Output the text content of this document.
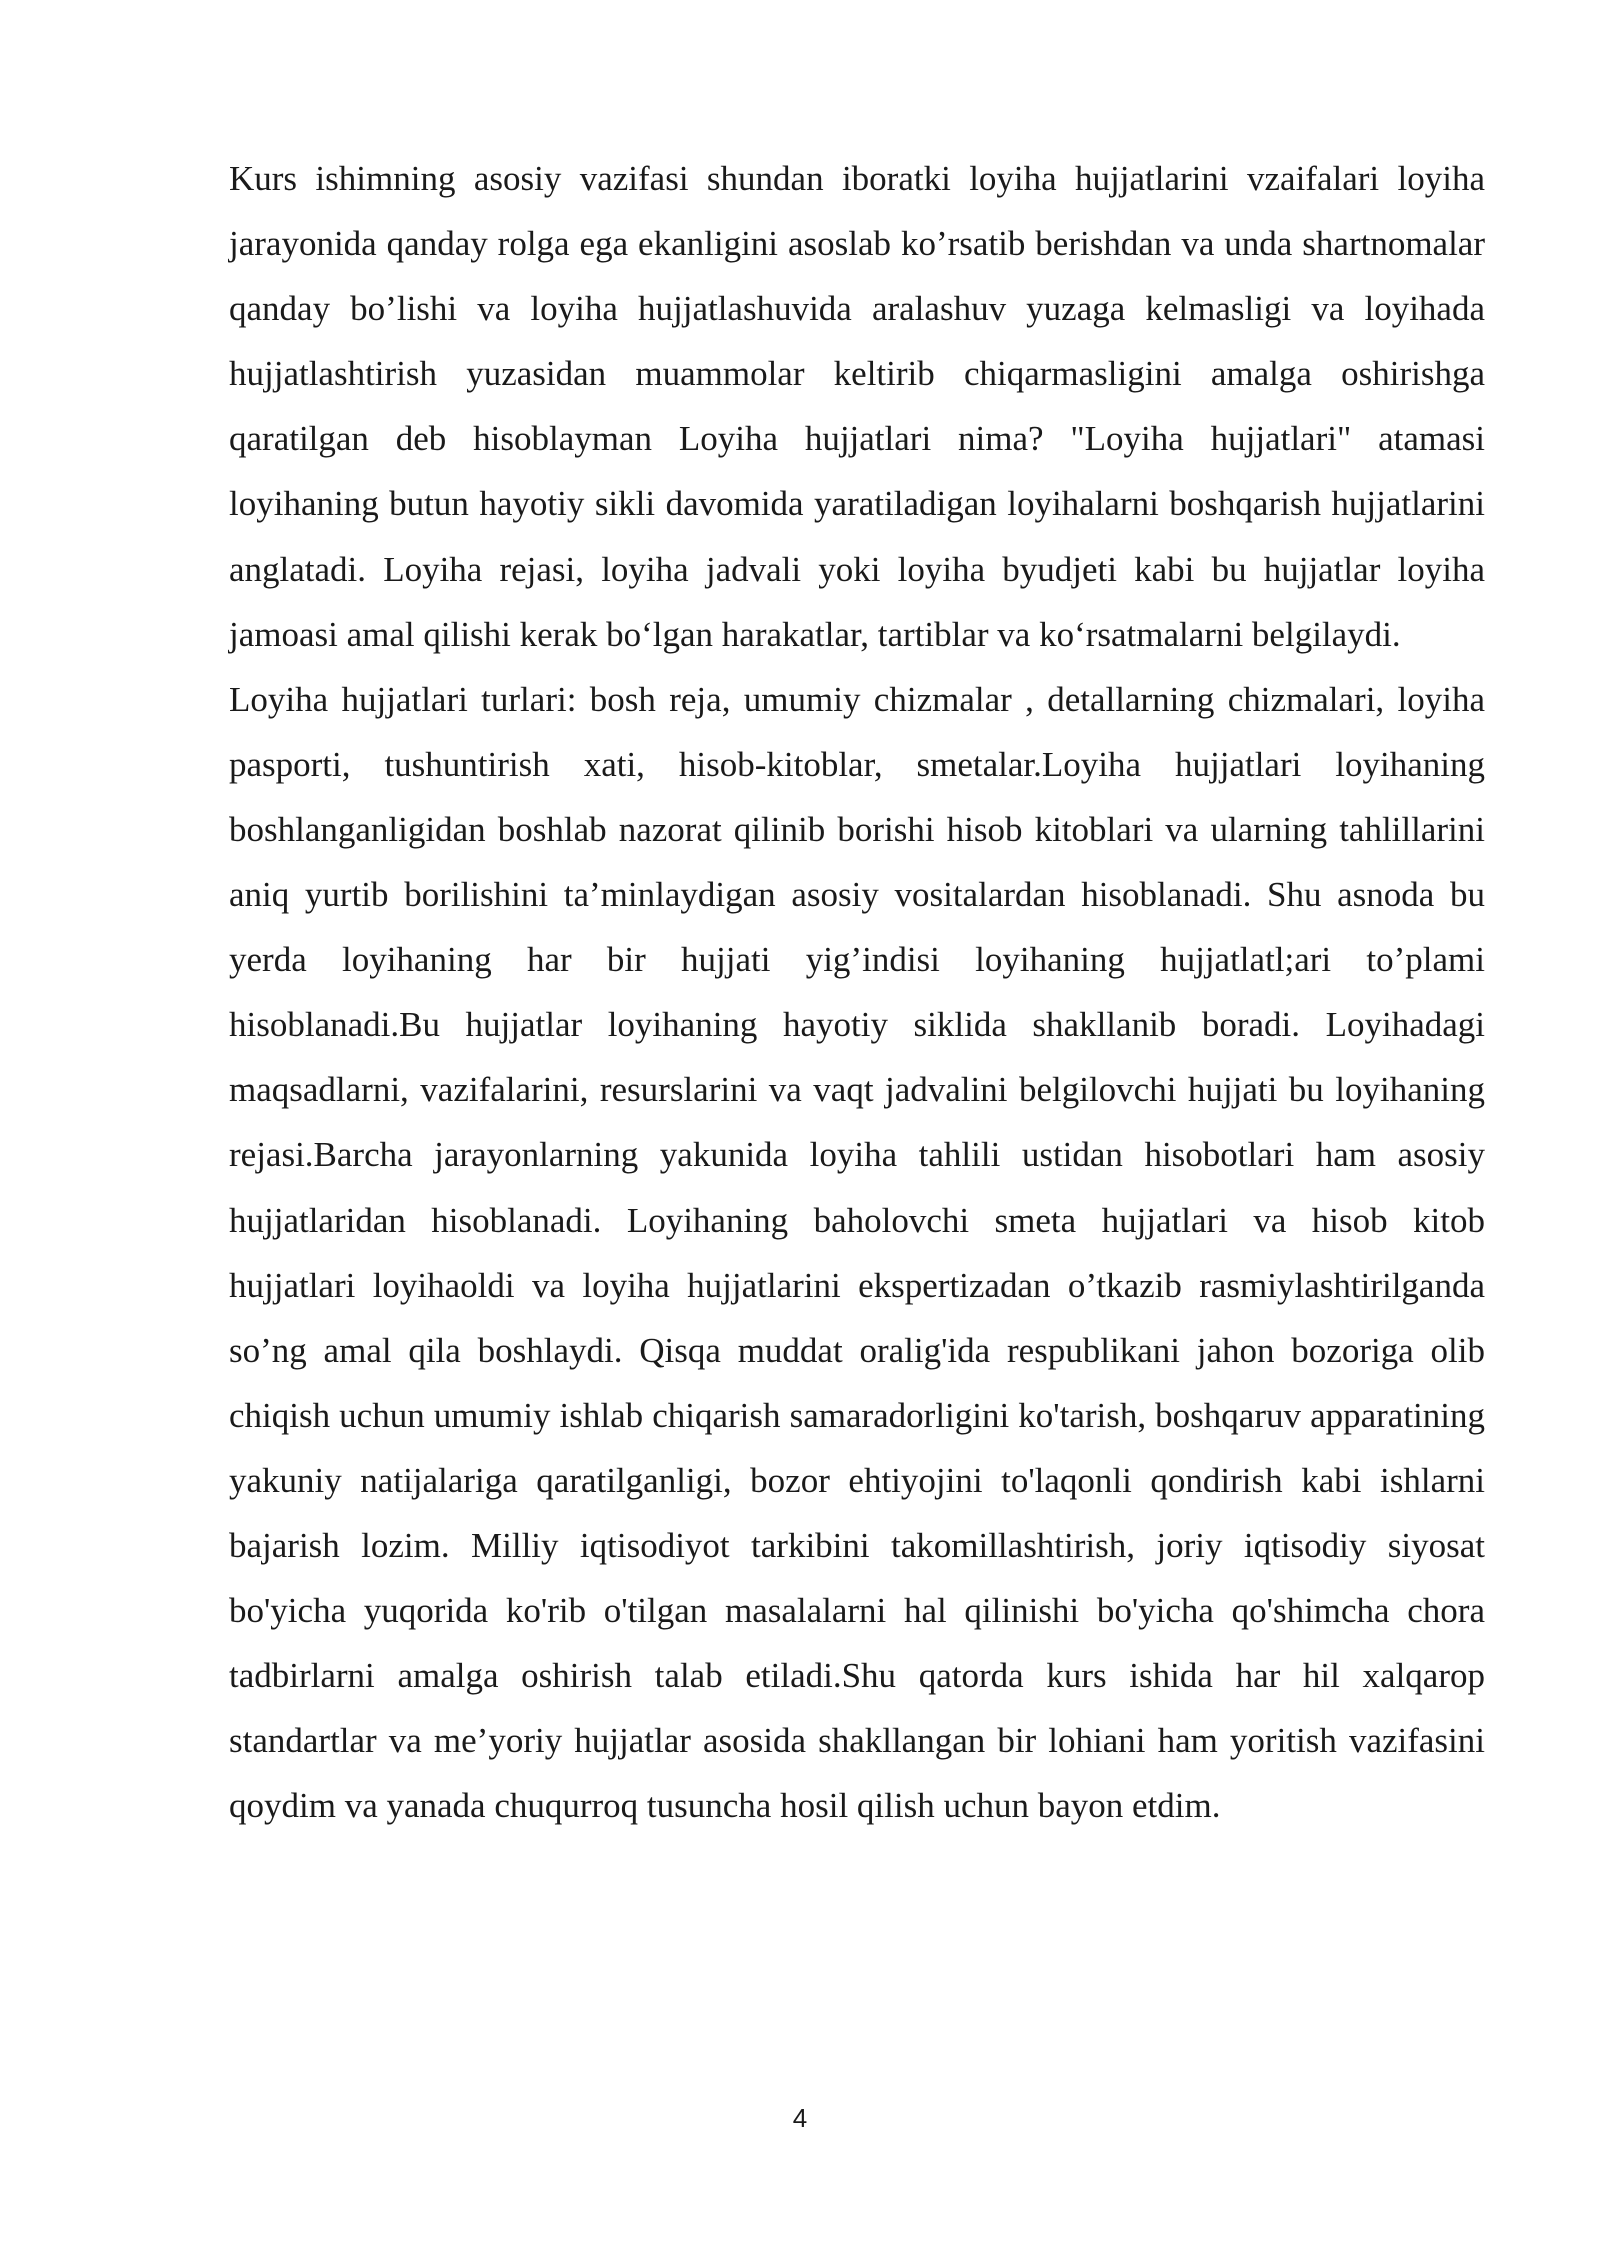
Kurs ishimning asosiy vazifasi shundan iboratki loyiha hujjatlarini vzaifalari loyiha jarayonida qanday rolga ega ekanligini asoslab ko’rsatib berishdan va unda shartnomalar qanday bo’lishi va loyiha hujjatlashuvida aralashuv yuzaga kelmasligi va loyihada hujjatlashtirish yuzasidan muammolar keltirib chiqarmasligini amalga oshirishga qaratilgan deb hisoblayman Loyiha hujjatlari nima? "Loyiha hujjatlari" atamasi loyihaning butun hayotiy sikli davomida yaratiladigan loyihalarni boshqarish hujjatlarini anglatadi. Loyiha rejasi, loyiha jadvali yoki loyiha byudjeti kabi bu hujjatlar loyiha jamoasi amal qilishi kerak boʻlgan harakatlar, tartiblar va koʻrsatmalarni belgilaydi.

Loyiha hujjatlari turlari: bosh reja, umumiy chizmalar , detallarning chizmalari, loyiha pasporti, tushuntirish xati, hisob-kitoblar, smetalar.Loyiha hujjatlari loyihaning boshlanganligidan boshlab nazorat qilinib borishi hisob kitoblari va ularning tahlillarini aniq yurtib borilishini ta’minlaydigan asosiy vositalardan hisoblanadi. Shu asnoda bu yerda loyihaning har bir hujjati yig’indisi loyihaning hujjatlatl;ari to’plami hisoblanadi.Bu hujjatlar loyihaning hayotiy siklida shakllanib boradi. Loyihadagi maqsadlarni, vazifalarini, resurslarini va vaqt jadvalini belgilovchi hujjati bu loyihaning rejasi.Barcha jarayonlarning yakunida loyiha tahlili ustidan hisobotlari ham asosiy hujjatlaridan hisoblanadi. Loyihaning baholovchi smeta hujjatlari va hisob kitob hujjatlari loyihaoldi va loyiha hujjatlarini ekspertizadan o’tkazib rasmiylashtirilganda so’ng amal qila boshlaydi. Qisqa muddat oralig'ida respublikani jahon bozoriga olib chiqish uchun umumiy ishlab chiqarish samaradorligini ko'tarish, boshqaruv apparatining yakuniy natijalariga qaratilganligi, bozor ehtiyojini to'laqonli qondirish kabi ishlarni bajarish lozim. Milliy iqtisodiyot tarkibini takomillashtirish, joriy iqtisodiy siyosat bo'yicha yuqorida ko'rib o'tilgan masalalarni hal qilinishi bo'yicha qo'shimcha chora tadbirlarni amalga oshirish talab etiladi.Shu qatorda kurs ishida har hil xalqarop standartlar va me’yoriy hujjatlar asosida shakllangan bir lohiani ham yoritish vazifasini qoydim va yanada chuqurroq tusuncha hosil qilish uchun bayon etdim.

4
